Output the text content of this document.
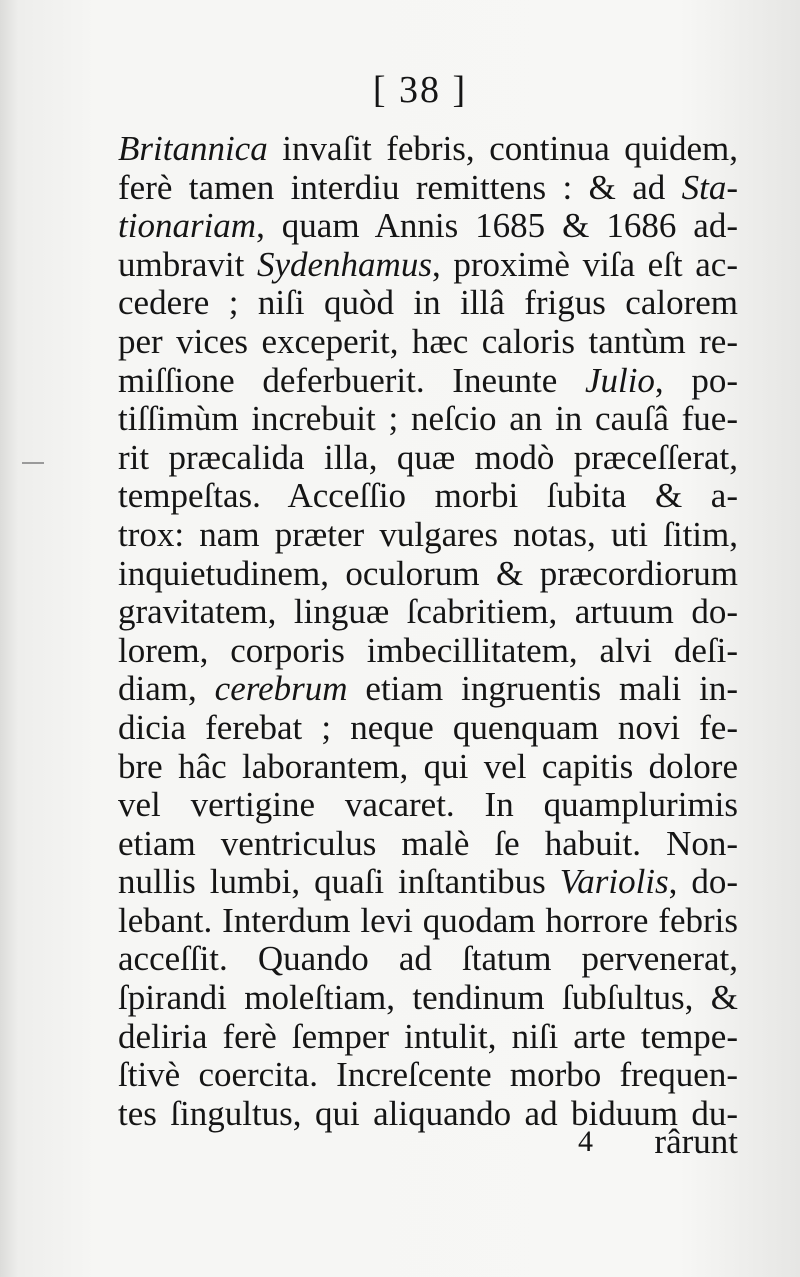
[ 38 ]
Britannica invaſit febris, continua quidem,
ferè tamen interdiu remittens : & ad Sta-
tionariam, quam Annis 1685 & 1686 ad-
umbravit Sydenhamus, proximè viſa eſt ac-
cedere ; niſi quòd in illâ frigus calorem
per vices exceperit, hæc caloris tantùm re-
miſſione deferbuerit. Ineunte Julio, po-
tiſſimùm increbuit ; neſcio an in cauſâ fue-
rit præcalida illa, quæ modò præceſſerat,
tempeſtas. Acceſſio morbi ſubita & a-
trox: nam præter vulgares notas, uti ſitim,
inquietudinem, oculorum & præcordiorum
gravitatem, linguæ ſcabritiem, artuum do-
lorem, corporis imbecillitatem, alvi deſi-
diam, cerebrum etiam ingruentis mali in-
dicia ferebat ; neque quenquam novi fe-
bre hâc laborantem, qui vel capitis dolore
vel vertigine vacaret. In quamplurimis
etiam ventriculus malè ſe habuit. Non-
nullis lumbi, quaſi inſtantibus Variolis, do-
lebant. Interdum levi quodam horrore febris
acceſſit. Quando ad ſtatum pervenerat,
ſpirandi moleſtiam, tendinum ſubſultus, &
deliria ferè ſemper intulit, niſi arte tempe-
ſtivè coercita. Increſcente morbo frequen-
tes ſingultus, qui aliquando ad biduum du-
4 rârunt
